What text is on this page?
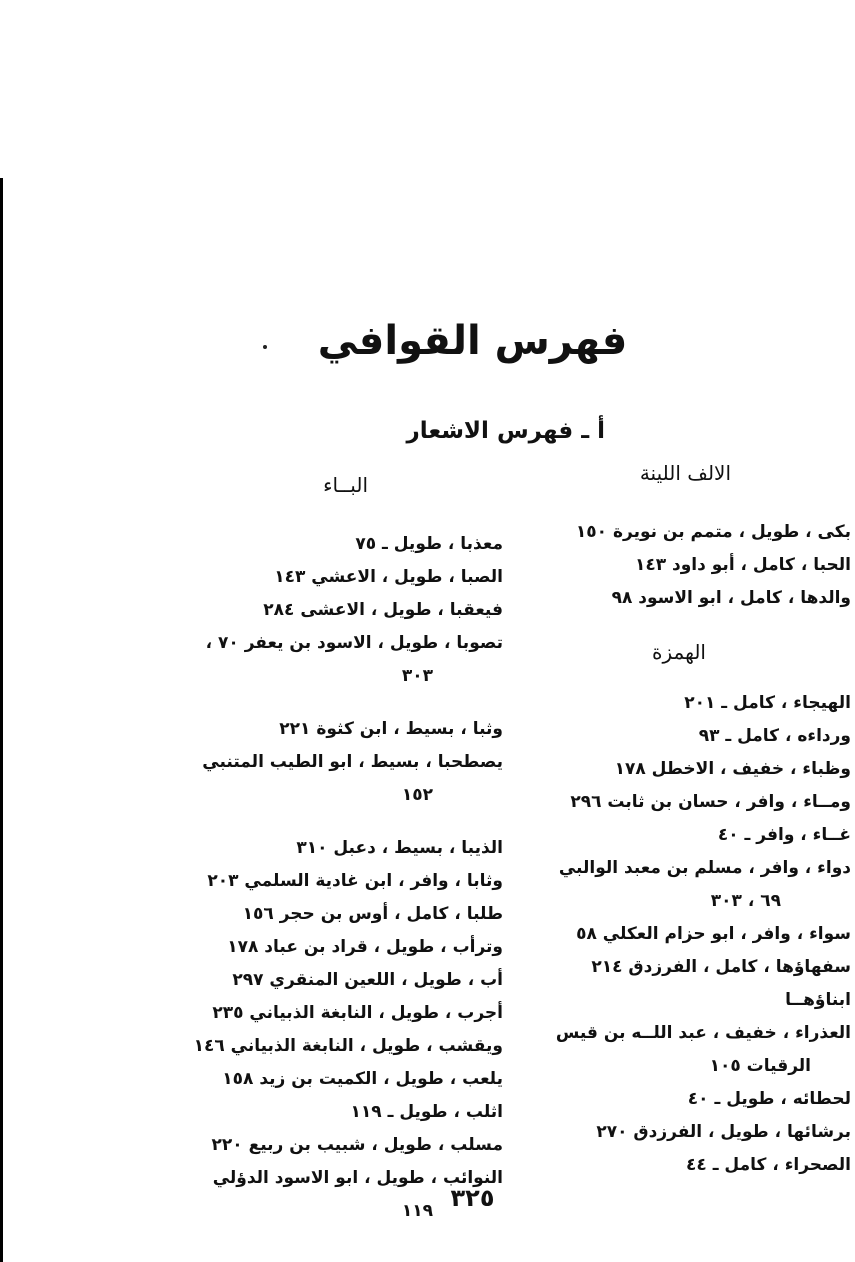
فهرس القوافي
أ ـ فهرس الاشعار
الالف اللينة
بكى ، طويل ، متمم بن نويرة ١٥٠
الحبا ، كامل ، أبو داود ١٤٣
والدها ، كامل ، ابو الاسود ٩٨
الهمزة
الهيجاء ، كامل ـ ٢٠١
ورداءه ، كامل ـ ٩٣
وظباء ، خفيف ، الاخطل ١٧٨
ومــاء ، وافر ، حسان بن ثابت ٢٩٦
غــاء ، وافر ـ ٤٠
دواء ، وافر ، مسلم بن معبد الوالبي
٦٩ ، ٣٠٣
سواء ، وافر ، ابو حزام العكلي ٥٨
سفهاؤها ، كامل ، الفرزدق ٢١٤
ابناؤهــا
العذراء ، خفيف ، عبد اللــه بن قيس
الرقيات ١٠٥
لحطائه ، طويل ـ ٤٠
برشائها ، طويل ، الفرزدق ٢٧٠
الصحراء ، كامل ـ ٤٤
البــاء
معذبا ، طويل ـ ٧٥
الصبا ، طويل ، الاعشي ١٤٣
فيعقبا ، طويل ، الاعشى ٢٨٤
تصوبا ، طويل ، الاسود بن يعفر ٧٠ ،
٣٠٣
وثبا ، بسيط ، ابن كثوة ٢٢١
يصطحبا ، بسيط ، ابو الطيب المتنبي
١٥٢
الذيبا ، بسيط ، دعبل ٣١٠
وثابا ، وافر ، ابن غادية السلمي ٢٠٣
طلبا ، كامل ، أوس بن حجر ١٥٦
وترأب ، طويل ، قراد بن عباد ١٧٨
أب ، طويل ، اللعين المنقري ٢٩٧
أجرب ، طويل ، النابغة الذبياني ٢٣٥
ويقشب ، طويل ، النابغة الذبياني ١٤٦
يلعب ، طويل ، الكميت بن زيد ١٥٨
اثلب ، طويل ـ ١١٩
مسلب ، طويل ، شبيب بن ربيع ٢٢٠
النوائب ، طويل ، ابو الاسود الدؤلي
١١٩ ٣٢٥
